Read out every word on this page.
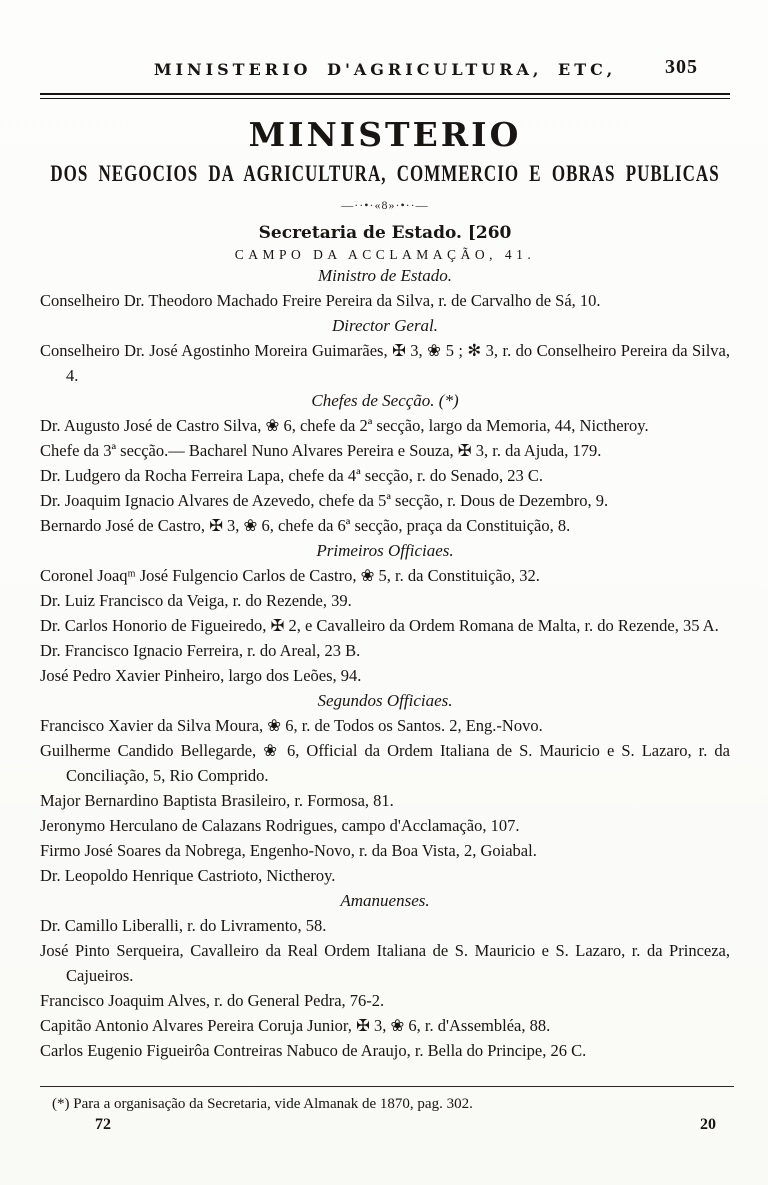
MINISTERIO D'AGRICULTURA, ETC, 305
MINISTERIO
DOS NEGOCIOS DA AGRICULTURA, COMMERCIO E OBRAS PUBLICAS
—··•·«8»·•··—
Secretaria de Estado. [260
CAMPO DA ACCLAMAÇÃO, 41.
Ministro de Estado.

Conselheiro Dr. Theodoro Machado Freire Pereira da Silva, r. de Carvalho de Sá, 10.

Director Geral.

Conselheiro Dr. José Agostinho Moreira Guimarães, ✠ 3, ❀ 5 ; ✻ 3, r. do Conselheiro Pereira da Silva, 4.

Chefes de Secção. (*)

Dr. Augusto José de Castro Silva, ❀ 6, chefe da 2ª secção, largo da Memoria, 44, Nictheroy.

Chefe da 3ª secção.— Bacharel Nuno Alvares Pereira e Souza, ✠ 3, r. da Ajuda, 179.

Dr. Ludgero da Rocha Ferreira Lapa, chefe da 4ª secção, r. do Senado, 23 C.

Dr. Joaquim Ignacio Alvares de Azevedo, chefe da 5ª secção, r. Dous de Dezembro, 9.

Bernardo José de Castro, ✠ 3, ❀ 6, chefe da 6ª secção, praça da Constituição, 8.

Primeiros Officiaes.

Coronel Joaqᵐ José Fulgencio Carlos de Castro, ❀ 5, r. da Constituição, 32.

Dr. Luiz Francisco da Veiga, r. do Rezende, 39.

Dr. Carlos Honorio de Figueiredo, ✠ 2, e Cavalleiro da Ordem Romana de Malta, r. do Rezende, 35 A.

Dr. Francisco Ignacio Ferreira, r. do Areal, 23 B.

José Pedro Xavier Pinheiro, largo dos Leões, 94.

Segundos Officiaes.

Francisco Xavier da Silva Moura, ❀ 6, r. de Todos os Santos. 2, Eng.-Novo.

Guilherme Candido Bellegarde, ❀ 6, Official da Ordem Italiana de S. Mauricio e S. Lazaro, r. da Conciliação, 5, Rio Comprido.

Major Bernardino Baptista Brasileiro, r. Formosa, 81.

Jeronymo Herculano de Calazans Rodrigues, campo d'Acclamação, 107.

Firmo José Soares da Nobrega, Engenho-Novo, r. da Boa Vista, 2, Goiabal.

Dr. Leopoldo Henrique Castrioto, Nictheroy.

Amanuenses.

Dr. Camillo Liberalli, r. do Livramento, 58.

José Pinto Serqueira, Cavalleiro da Real Ordem Italiana de S. Mauricio e S. Lazaro, r. da Princeza, Cajueiros.

Francisco Joaquim Alves, r. do General Pedra, 76-2.

Capitão Antonio Alvares Pereira Coruja Junior, ✠ 3, ❀ 6, r. d'Assembléa, 88.

Carlos Eugenio Figueirôa Contreiras Nabuco de Araujo, r. Bella do Principe, 26 C.

(*) Para a organisação da Secretaria, vide Almanak de 1870, pag. 302.
72	20
